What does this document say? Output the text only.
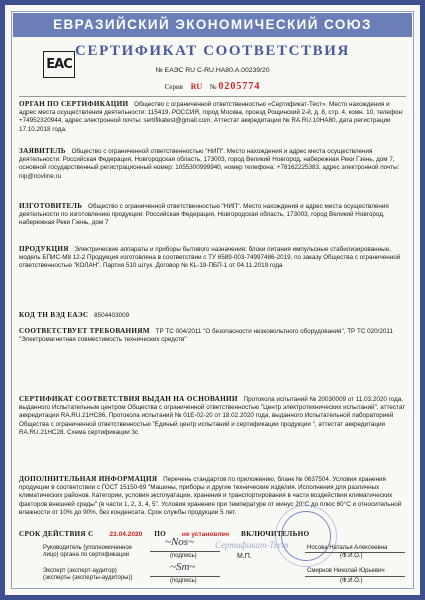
ЕВРАЗИЙСКИЙ ЭКОНОМИЧЕСКИЙ СОЮЗ
СЕРТИФИКАТ СООТВЕТСТВИЯ
EAC	№ ЕАЭС RU C-RU.НА80.А.00239/20
Серия RU № 0205774
ОРГАН ПО СЕРТИФИКАЦИИ Общество с ограниченной ответственностью «Сертификат-Тест». Место нахождения и адрес места осуществления деятельности: 115419, РОССИЯ, город Москва, проезд Рощинский 2-й, д. 8, стр. 4, комн. 10, телефон: +74952320944, адрес электронной почты: sertifikatest@gmail.com. Аттестат аккредитации № RA.RU.10НА80, дата регистрации 17.10.2018 года.
ЗАЯВИТЕЛЬ Общество с ограниченной ответственностью "НИП". Место нахождения и адрес места осуществления деятельности: Российская Федерация, Новгородская область, 173003, город Великий Новгород, набережная Реки Гзень, дом 7, основной государственный регистрационный номер: 1055300999940, номер телефона: +78162225383, адрес электронной почты: nip@novline.ru
ИЗГОТОВИТЕЛЬ Общество с ограниченной ответственностью "НИП". Место нахождения и адрес места осуществления деятельности по изготовлению продукции: Российская Федерация, Новгородская область, 173003, город Великий Новгород, набережная Реки Гзень, дом 7
ПРОДУКЦИЯ Электрические аппараты и приборы бытового назначения: блоки питания импульсные стабилизированные, модель БПИС-М8 12-2 Продукция изготовлена в соответствии с ТУ 6589-003-74997486-2019, по заказу Общества с ограниченной ответственностью "КОЛАН". Партия 510 штук. Договор № KL-19-ПБП-1 от 04.11.2019 года
КОД ТН ВЭД ЕАЭС 8504403009
СООТВЕТСТВУЕТ ТРЕБОВАНИЯМ ТР ТС 004/2011 "О безопасности низковольтного оборудования", ТР ТС 020/2011 "Электромагнитная совместимость технических средств"
СЕРТИФИКАТ СООТВЕТСТВИЯ ВЫДАН НА ОСНОВАНИИ Протокола испытаний № 20030009 от 11.03.2020 года, выданного Испытательным центром Общества с ограниченной ответственностью "Центр электротехнических испытаний", аттестат аккредитации RA.RU.21НС86, Протокола испытаний № 01Е-02-20 от 18.02.2020 года, выданного Испытательной лабораторией Общества с ограниченной ответственностью "Единый центр испытаний и сертификации продукции ", аттестат аккредитации RA.RU.21НС28. Схема сертификации 3с
ДОПОЛНИТЕЛЬНАЯ ИНФОРМАЦИЯ Перечень стандартов по приложению, бланк № 0637504. Условия хранения продукции в соответствии с ГОСТ 15150-69 "Машины, приборы и другие технические изделия. Исполнения для различных климатических районов. Категории, условия эксплуатации, хранения и транспортирования в части воздействия климатических факторов внешней среды" (в части 1, 2, 3, 4, 5". Условия хранения при температуре от минус 20°С до плюс 60°С и относительной влажности от 10% до 90%, без конденсата. Срок службы продукции 5 лет.
СРОК ДЕЙСТВИЯ С 23.04.2020 ПО не установлен ВКЛЮЧИТЕЛЬНО
Сертификат-Тест
Руководитель (уполномоченное
лицо) органа по сертификации
~Nos~
(подпись)	М.П.
Носова Наталья Алексеевна
(Ф.И.О.)
Эксперт (эксперт-аудитор)
(эксперты (эксперты-аудиторы))
~Sm~
(подпись)
Смирнов Николай Юрьевич
(Ф.И.О.)
